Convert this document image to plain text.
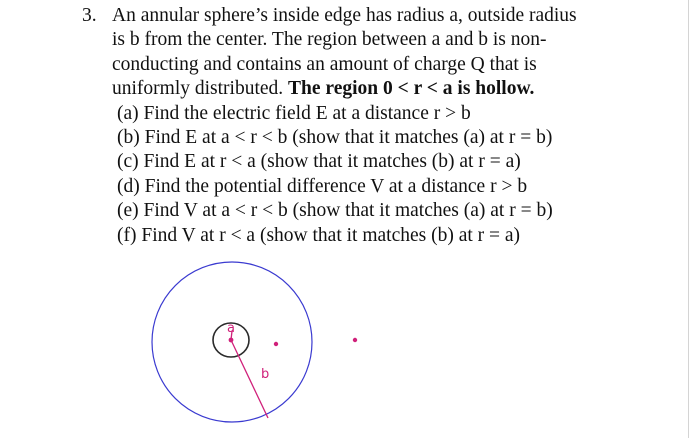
3. An annular sphere’s inside edge has radius a, outside radius
is b from the center. The region between a and b is non-
conducting and contains an amount of charge Q that is
uniformly distributed. The region 0 < r < a is hollow.
(a) Find the electric field E at a distance r > b
(b) Find E at a < r < b (show that it matches (a) at r = b)
(c) Find E at r < a (show that it matches (b) at r = a)
(d) Find the potential difference V at a distance r > b
(e) Find V at a < r < b (show that it matches (a) at r = b)
(f) Find V at r < a (show that it matches (b) at r = a)
a
b
